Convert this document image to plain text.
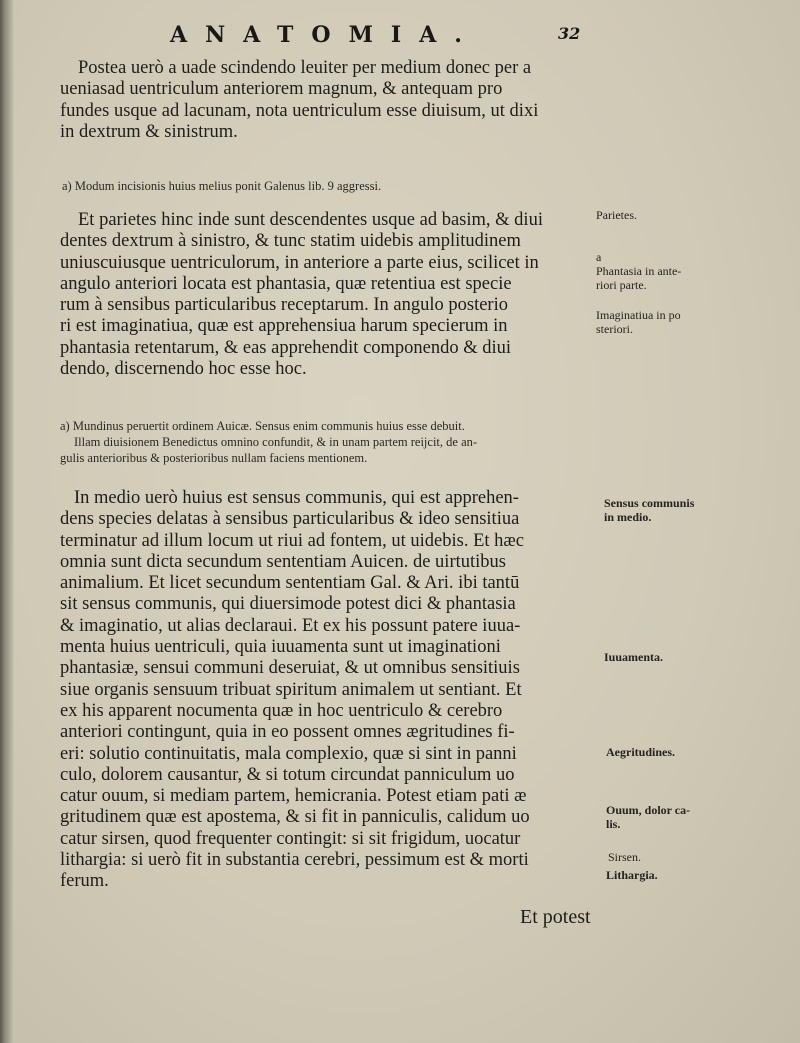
ANATOMIA.	32
Postea uerò a uade scindendo leuiter per medium donec per a
ueniasad uentriculum anteriorem magnum, & antequam pro
fundes usque ad lacunam, nota uentriculum esse diuisum, ut dixi
in dextrum & sinistrum.
a) Modum incisionis huius melius ponit Galenus lib. 9 aggressi.
Et parietes hinc inde sunt descendentes usque ad basim, & diui
dentes dextrum à sinistro, & tunc statim uidebis amplitudinem
uniuscuiusque uentriculorum, in anteriore a parte eius, scilicet in
angulo anteriori locata est phantasia, quæ retentiua est specie
rum à sensibus particularibus receptarum. In angulo posterio
ri est imaginatiua, quæ est apprehensiua harum specierum in
phantasia retentarum, & eas apprehendit componendo & diui
dendo, discernendo hoc esse hoc.
a) Mundinus peruertit ordinem Auicæ. Sensus enim communis huius esse debuit.
Illam diuisionem Benedictus omnino confundit, & in unam partem reijcit, de an-
gulis anterioribus & posterioribus nullam faciens mentionem.
In medio uerò huius est sensus communis, qui est apprehen-
dens species delatas à sensibus particularibus & ideo sensitiua
terminatur ad illum locum ut riui ad fontem, ut uidebis. Et hæc
omnia sunt dicta secundum sententiam Auicen. de uirtutibus
animalium. Et licet secundum sententiam Gal. & Ari. ibi tantū
sit sensus communis, qui diuersimode potest dici & phantasia
& imaginatio, ut alias declaraui. Et ex his possunt patere iuua-
menta huius uentriculi, quia iuuamenta sunt ut imaginationi
phantasiæ, sensui communi deseruiat, & ut omnibus sensitiuis
siue organis sensuum tribuat spiritum animalem ut sentiant. Et
ex his apparent nocumenta quæ in hoc uentriculo & cerebro
anteriori contingunt, quia in eo possent omnes ægritudines fi-
eri: solutio continuitatis, mala complexio, quæ si sint in panni
culo, dolorem causantur, & si totum circundat panniculum uo
catur ouum, si mediam partem, hemicrania. Potest etiam pati æ
gritudinem quæ est apostema, & si fit in panniculis, calidum uo
catur sirsen, quod frequenter contingit: si sit frigidum, uocatur
lithargia: si uerò fit in substantia cerebri, pessimum est & morti
ferum.
Parietes.
a
Phantasia in ante-
riori parte.
Imaginatiua in po
steriori.
Sensus communis
in medio.
Iuuamenta.
Aegritudines.
Ouum, dolor ca-
lis.
Sirsen.
Lithargia.
Et potest
